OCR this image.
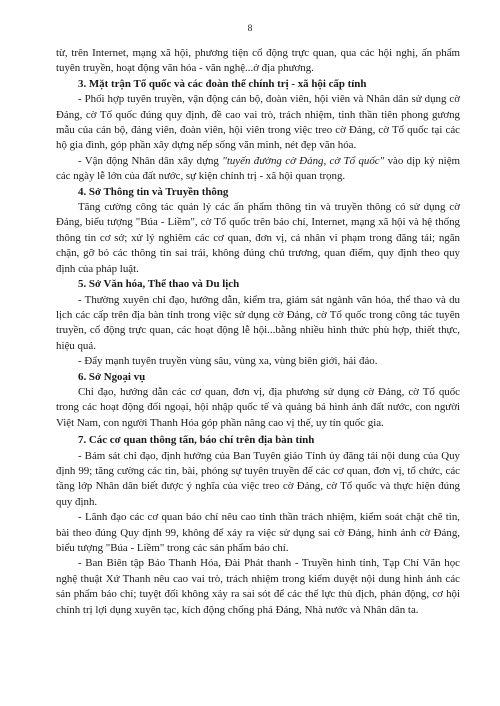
8

từ, trên Internet, mạng xã hội, phương tiện cổ động trực quan, qua các hội nghị, ấn phẩm tuyên truyền, hoạt động văn hóa - văn nghệ...ở địa phương.

3. Mặt trận Tổ quốc và các đoàn thể chính trị - xã hội cấp tỉnh

- Phối hợp tuyên truyền, vận động cán bộ, đoàn viên, hội viên và Nhân dân sử dụng cờ Đảng, cờ Tổ quốc đúng quy định, đề cao vai trò, trách nhiệm, tinh thần tiên phong gương mẫu của cán bộ, đảng viên, đoàn viên, hội viên trong việc treo cờ Đảng, cờ Tổ quốc tại các hộ gia đình, góp phần xây dựng nếp sống văn minh, nét đẹp văn hóa.

- Vận động Nhân dân xây dựng "tuyến đường cờ Đảng, cờ Tổ quốc" vào dịp kỷ niệm các ngày lễ lớn của đất nước, sự kiện chính trị - xã hội quan trọng.

4. Sở Thông tin và Truyền thông

Tăng cường công tác quản lý các ấn phẩm thông tin và truyền thông có sử dụng cờ Đảng, biểu tượng "Búa - Liềm", cờ Tổ quốc trên báo chí, Internet, mạng xã hội và hệ thống thông tin cơ sở; xử lý nghiêm các cơ quan, đơn vị, cá nhân vi phạm trong đăng tải; ngăn chặn, gỡ bỏ các thông tin sai trái, không đúng chủ trương, quan điểm, quy định theo quy định của pháp luật.

5. Sở Văn hóa, Thể thao và Du lịch

- Thường xuyên chỉ đạo, hướng dẫn, kiểm tra, giám sát ngành văn hóa, thể thao và du lịch các cấp trên địa bàn tỉnh trong việc sử dụng cờ Đảng, cờ Tổ quốc trong công tác tuyên truyền, cổ động trực quan, các hoạt động lễ hội...bằng nhiều hình thức phù hợp, thiết thực, hiệu quả.

- Đẩy mạnh tuyên truyền vùng sâu, vùng xa, vùng biên giới, hải đảo.

6. Sở Ngoại vụ

Chỉ đạo, hướng dẫn các cơ quan, đơn vị, địa phương sử dụng cờ Đảng, cờ Tổ quốc trong các hoạt động đối ngoại, hội nhập quốc tế và quảng bá hình ảnh đất nước, con người Việt Nam, con người Thanh Hóa góp phần nâng cao vị thế, uy tín quốc gia.

7. Các cơ quan thông tấn, báo chí trên địa bàn tỉnh

- Bám sát chỉ đạo, định hướng của Ban Tuyên giáo Tỉnh ủy đăng tải nội dung của Quy định 99; tăng cường các tin, bài, phóng sự tuyên truyền để các cơ quan, đơn vị, tổ chức, các tầng lớp Nhân dân biết được ý nghĩa của việc treo cờ Đảng, cờ Tổ quốc và thực hiện đúng quy định.

- Lãnh đạo các cơ quan báo chí nêu cao tinh thần trách nhiệm, kiểm soát chặt chẽ tin, bài theo đúng Quy định 99, không để xảy ra việc sử dụng sai cờ Đảng, hình ảnh cờ Đảng, biểu tượng "Búa - Liềm" trong các sản phẩm báo chí.

- Ban Biên tập Báo Thanh Hóa, Đài Phát thanh - Truyền hình tỉnh, Tạp Chí Văn học nghệ thuật Xứ Thanh nêu cao vai trò, trách nhiệm trong kiểm duyệt nội dung hình ảnh các sản phẩm báo chí; tuyệt đối không xảy ra sai sót để các thế lực thù địch, phản động, cơ hội chính trị lợi dụng xuyên tạc, kích động chống phá Đảng, Nhà nước và Nhân dân ta.
